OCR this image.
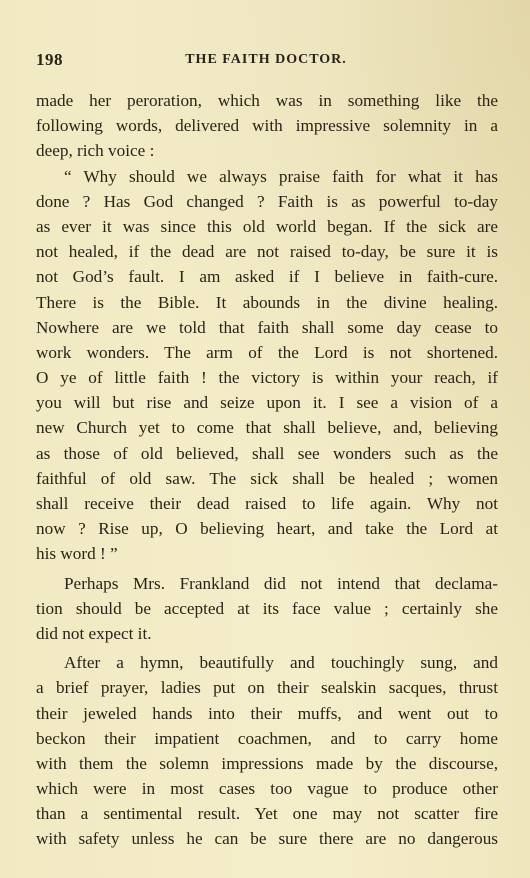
198	THE FAITH DOCTOR.
made her peroration, which was in something like the
following words, delivered with impressive solemnity in a
deep, rich voice :
“ Why should we always praise faith for what it has
done ? Has God changed ? Faith is as powerful to-day
as ever it was since this old world began. If the sick are
not healed, if the dead are not raised to-day, be sure it is
not God’s fault. I am asked if I believe in faith-cure.
There is the Bible. It abounds in the divine healing.
Nowhere are we told that faith shall some day cease to
work wonders. The arm of the Lord is not shortened.
O ye of little faith ! the victory is within your reach, if
you will but rise and seize upon it. I see a vision of a
new Church yet to come that shall believe, and, believing
as those of old believed, shall see wonders such as the
faithful of old saw. The sick shall be healed ; women
shall receive their dead raised to life again. Why not
now ? Rise up, O believing heart, and take the Lord at
his word ! ”
Perhaps Mrs. Frankland did not intend that declama-
tion should be accepted at its face value ; certainly she
did not expect it.
After a hymn, beautifully and touchingly sung, and
a brief prayer, ladies put on their sealskin sacques, thrust
their jeweled hands into their muffs, and went out to
beckon their impatient coachmen, and to carry home
with them the solemn impressions made by the discourse,
which were in most cases too vague to produce other
than a sentimental result. Yet one may not scatter fire
with safety unless he can be sure there are no dangerous
